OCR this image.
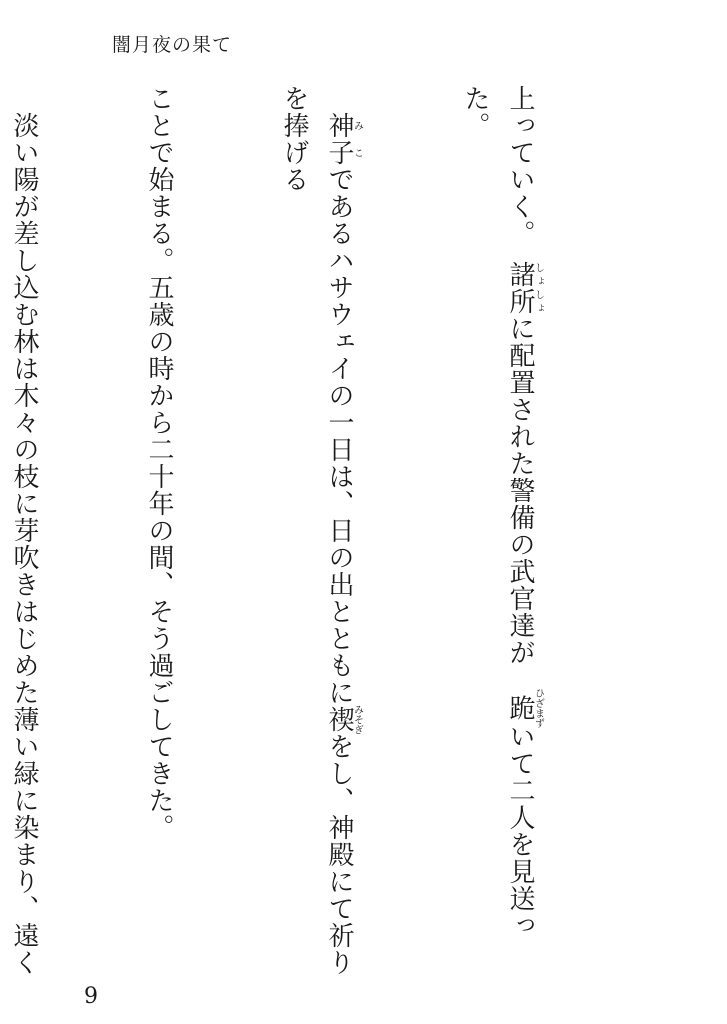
闇月夜の果て

上っていく。　諸所しょしょに配置された警備の武官達が　跪ひざまずいて二人を見送った。

　神子みこであるハサウェイの一日は、日の出とともに禊みそぎをし、神殿にて祈りを捧げる

ことで始まる。五歳の時から二十年の間、そう過ごしてきた。

　淡い陽が差し込む林は木々の枝に芽吹きはじめた薄い緑に染まり、遠く

9
